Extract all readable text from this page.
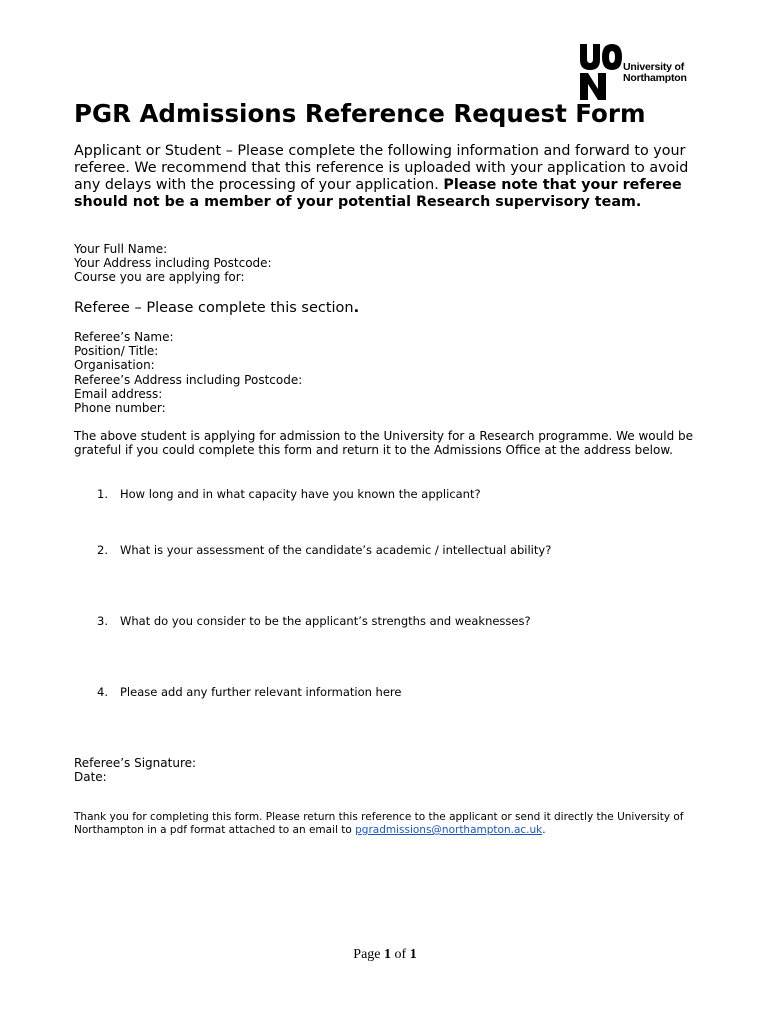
University of
Northampton
PGR Admissions Reference Request Form

Applicant or Student – Please complete the following information and forward to your referee. We recommend that this reference is uploaded with your application to avoid any delays with the processing of your application. Please note that your referee should not be a member of your potential Research supervisory team.

Your Full Name:
Your Address including Postcode:
Course you are applying for:
Referee – Please complete this section.
Referee’s Name:
Position/ Title:
Organisation:
Referee’s Address including Postcode:
Email address:
Phone number:

The above student is applying for admission to the University for a Research programme. We would be grateful if you could complete this form and return it to the Admissions Office at the address below.

1. How long and in what capacity have you known the applicant?
2. What is your assessment of the candidate’s academic / intellectual ability?
3. What do you consider to be the applicant’s strengths and weaknesses?
4. Please add any further relevant information here
Referee’s Signature:
Date:

Thank you for completing this form. Please return this reference to the applicant or send it directly the University of Northampton in a pdf format attached to an email to pgradmissions@northampton.ac.uk.

Page 1 of 1
